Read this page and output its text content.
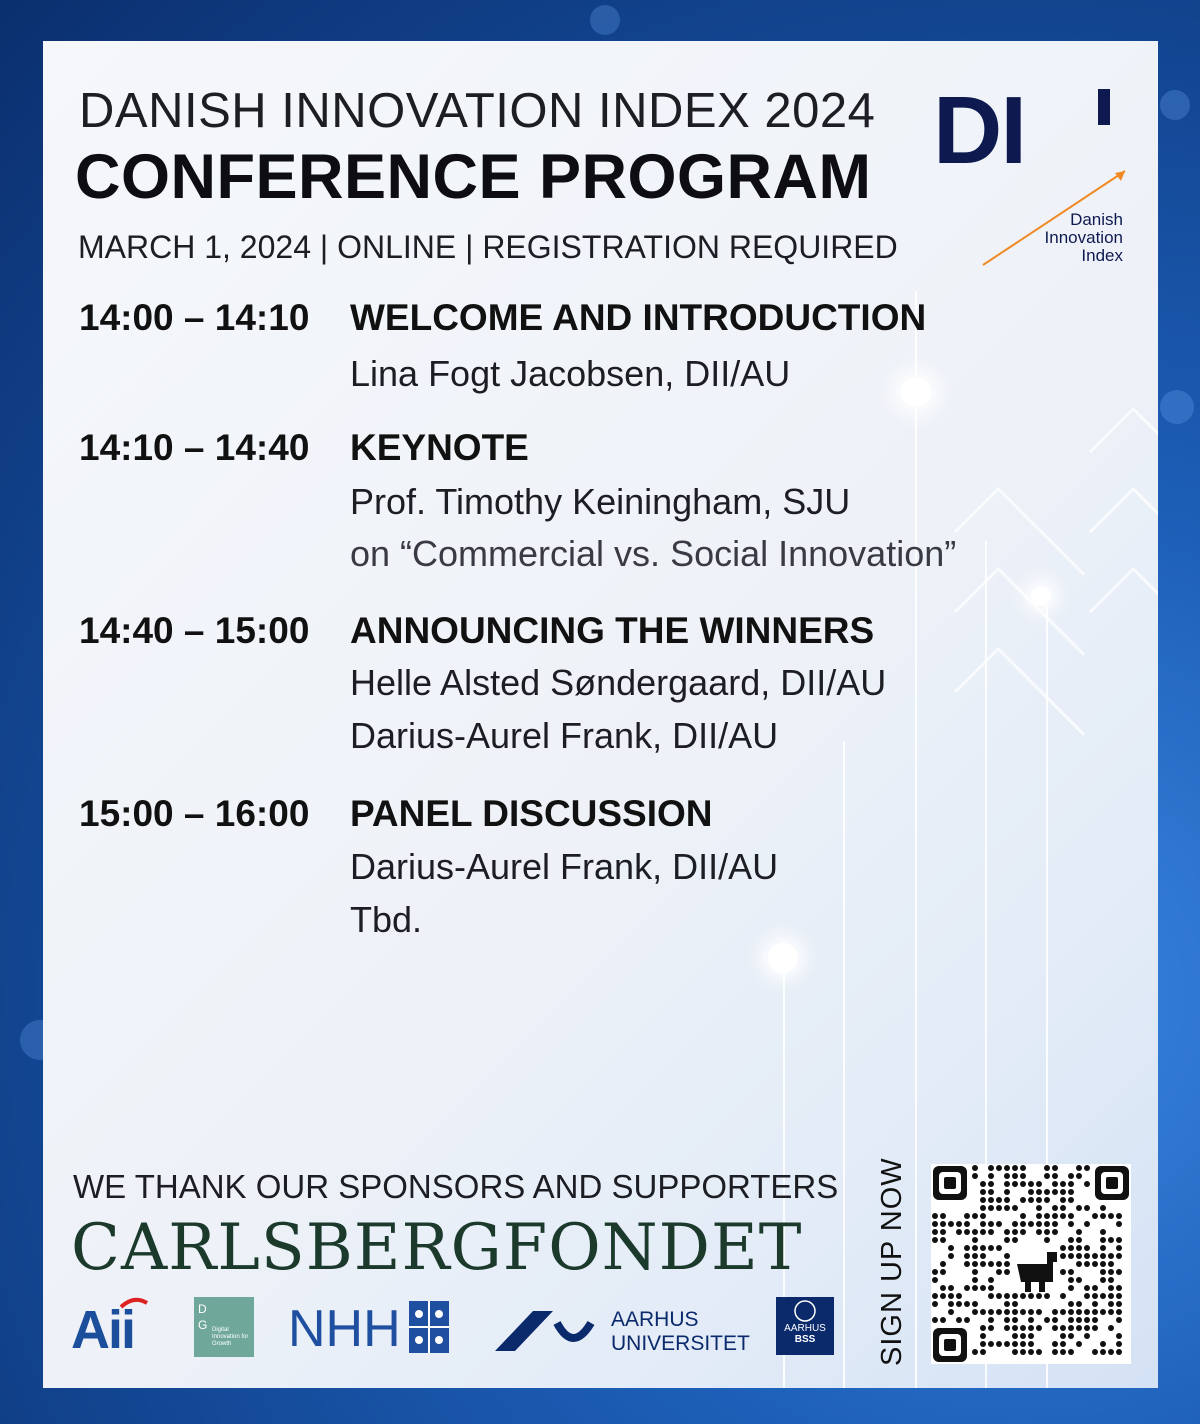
DANISH INNOVATION INDEX 2024
CONFERENCE PROGRAM
MARCH 1, 2024 | ONLINE | REGISTRATION REQUIRED
DI
Danish
Innovation
Index
14:00 – 14:10	WELCOME AND INTRODUCTION
Lina Fogt Jacobsen, DII/AU
14:10 – 14:40	KEYNOTE
Prof. Timothy Keiningham, SJU
on “Commercial vs. Social Innovation”
14:40 – 15:00	ANNOUNCING THE WINNERS
Helle Alsted Søndergaard, DII/AU
Darius-Aurel Frank, DII/AU
15:00 – 16:00	PANEL DISCUSSION
Darius-Aurel Frank, DII/AU
Tbd.
WE THANK OUR SPONSORS AND SUPPORTERS
CARLSBERGFONDET
Aii	D G Digital Innovation for Growth	NHH	AARHUS
UNIVERSITET
AARHUS
BSS	SIGN UP NOW
